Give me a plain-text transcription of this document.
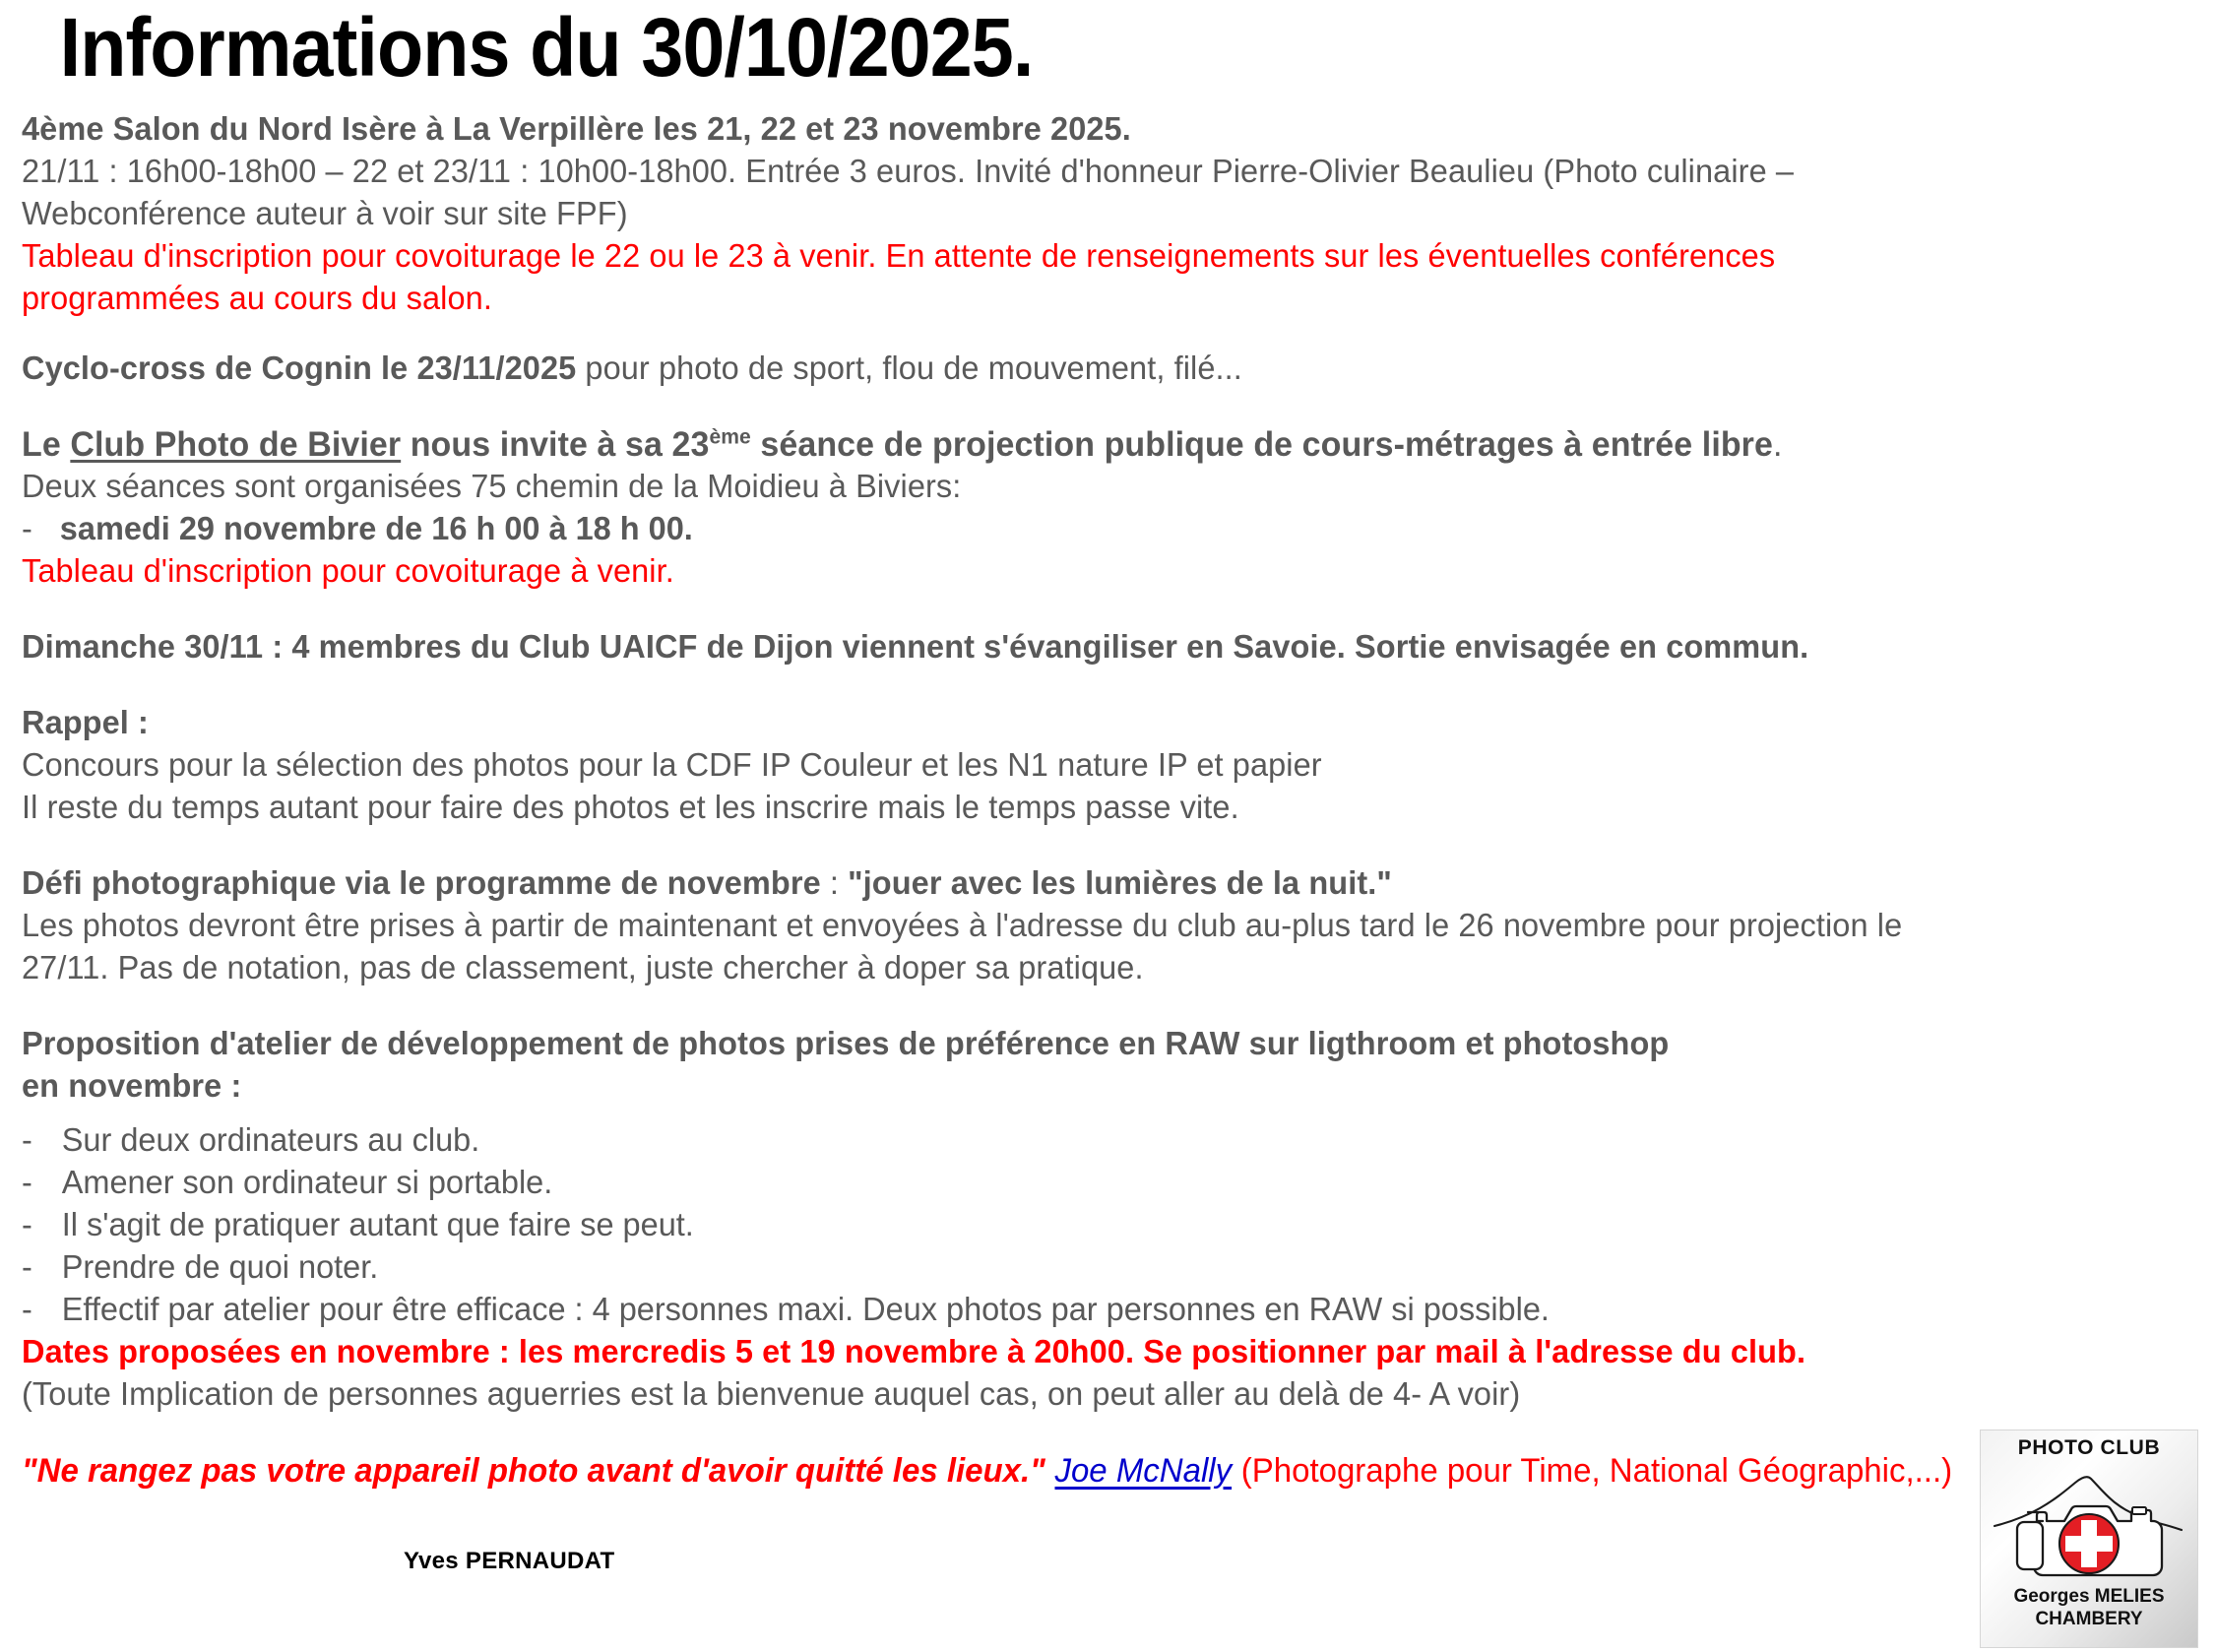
Informations du 30/10/2025.
4ème Salon du Nord Isère à La Verpillère les 21, 22 et 23 novembre 2025.
21/11 : 16h00-18h00 – 22 et 23/11 : 10h00-18h00. Entrée 3 euros. Invité d'honneur Pierre-Olivier Beaulieu (Photo culinaire –
Webconférence auteur à voir sur site FPF)
Tableau d'inscription pour covoiturage le 22 ou le 23 à venir. En attente de renseignements sur les éventuelles conférences
programmées au cours du salon.
Cyclo-cross de Cognin le 23/11/2025 pour photo de sport, flou de mouvement, filé...
Le Club Photo de Bivier nous invite à sa 23ème séance de projection publique de cours-métrages à entrée libre.
Deux séances sont organisées 75 chemin de la Moidieu à Biviers:
- samedi 29 novembre de 16 h 00 à 18 h 00.
Tableau d'inscription pour covoiturage à venir.
Dimanche 30/11 : 4 membres du Club UAICF de Dijon viennent s'évangiliser en Savoie. Sortie envisagée en commun.
Rappel :
Concours pour la sélection des photos pour la CDF IP Couleur et les N1 nature IP et papier
Il reste du temps autant pour faire des photos et les inscrire mais le temps passe vite.
Défi photographique via le programme de novembre : "jouer avec les lumières de la nuit."
Les photos devront être prises à partir de maintenant et envoyées à l'adresse du club au-plus tard le 26 novembre pour projection le
27/11. Pas de notation, pas de classement, juste chercher à doper sa pratique.
Proposition d'atelier de développement de photos prises de préférence en RAW sur ligthroom et photoshop
en novembre :
- Sur deux ordinateurs au club.
- Amener son ordinateur si portable.
- Il s'agit de pratiquer autant que faire se peut.
- Prendre de quoi noter.
- Effectif par atelier pour être efficace : 4 personnes maxi. Deux photos par personnes en RAW si possible.
Dates proposées en novembre : les mercredis 5 et 19 novembre à 20h00. Se positionner par mail à l'adresse du club.
(Toute Implication de personnes aguerries est la bienvenue auquel cas, on peut aller au delà de 4- A voir)
"Ne rangez pas votre appareil photo avant d'avoir quitté les lieux." Joe McNally (Photographe pour Time, National Géographic,...)
Yves PERNAUDAT
PHOTO CLUB
Georges MELIES
CHAMBERY
